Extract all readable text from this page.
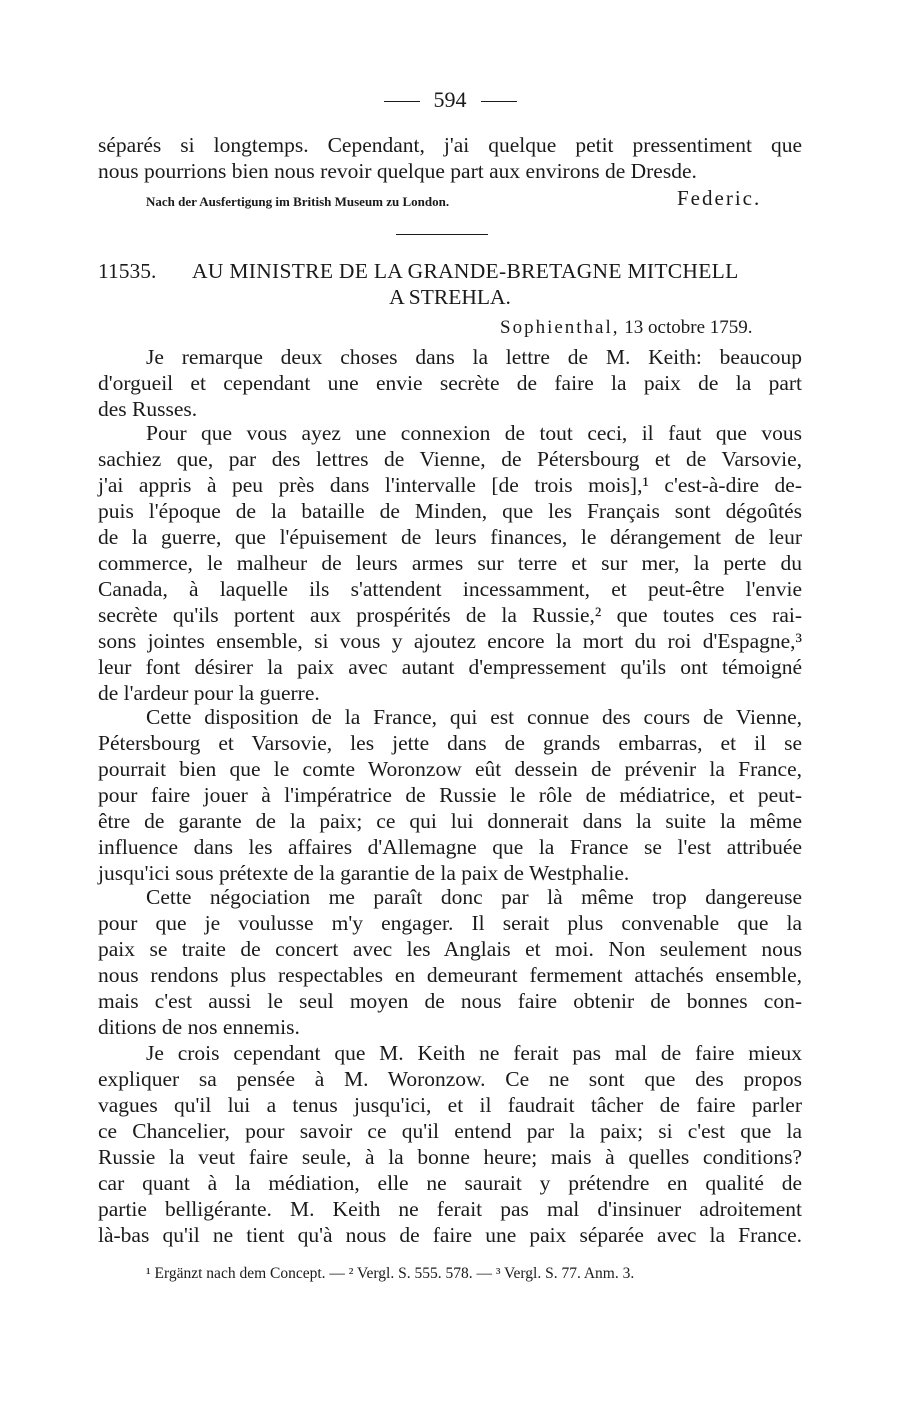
594
séparés si longtemps. Cependant, j'ai quelque petit pressentiment que
nous pourrions bien nous revoir quelque part aux environs de Dresde.
Nach der Ausfertigung im British Museum zu London.	Federic.
11535. AU MINISTRE DE LA GRANDE-BRETAGNE MITCHELL
A STREHLA.
Sophienthal, 13 octobre 1759.
Je remarque deux choses dans la lettre de M. Keith: beaucoup
d'orgueil et cependant une envie secrète de faire la paix de la part
des Russes.
Pour que vous ayez une connexion de tout ceci, il faut que vous
sachiez que, par des lettres de Vienne, de Pétersbourg et de Varsovie,
j'ai appris à peu près dans l'intervalle [de trois mois],¹ c'est-à-dire de-
puis l'époque de la bataille de Minden, que les Français sont dégoûtés
de la guerre, que l'épuisement de leurs finances, le dérangement de leur
commerce, le malheur de leurs armes sur terre et sur mer, la perte du
Canada, à laquelle ils s'attendent incessamment, et peut-être l'envie
secrète qu'ils portent aux prospérités de la Russie,² que toutes ces rai-
sons jointes ensemble, si vous y ajoutez encore la mort du roi d'Espagne,³
leur font désirer la paix avec autant d'empressement qu'ils ont témoigné
de l'ardeur pour la guerre.
Cette disposition de la France, qui est connue des cours de Vienne,
Pétersbourg et Varsovie, les jette dans de grands embarras, et il se
pourrait bien que le comte Woronzow eût dessein de prévenir la France,
pour faire jouer à l'impératrice de Russie le rôle de médiatrice, et peut-
être de garante de la paix; ce qui lui donnerait dans la suite la même
influence dans les affaires d'Allemagne que la France se l'est attribuée
jusqu'ici sous prétexte de la garantie de la paix de Westphalie.
Cette négociation me paraît donc par là même trop dangereuse
pour que je voulusse m'y engager. Il serait plus convenable que la
paix se traite de concert avec les Anglais et moi. Non seulement nous
nous rendons plus respectables en demeurant fermement attachés ensemble,
mais c'est aussi le seul moyen de nous faire obtenir de bonnes con-
ditions de nos ennemis.
Je crois cependant que M. Keith ne ferait pas mal de faire mieux
expliquer sa pensée à M. Woronzow. Ce ne sont que des propos
vagues qu'il lui a tenus jusqu'ici, et il faudrait tâcher de faire parler
ce Chancelier, pour savoir ce qu'il entend par la paix; si c'est que la
Russie la veut faire seule, à la bonne heure; mais à quelles conditions?
car quant à la médiation, elle ne saurait y prétendre en qualité de
partie belligérante. M. Keith ne ferait pas mal d'insinuer adroitement
là-bas qu'il ne tient qu'à nous de faire une paix séparée avec la France.
¹ Ergänzt nach dem Concept. — ² Vergl. S. 555. 578. — ³ Vergl. S. 77. Anm. 3.
